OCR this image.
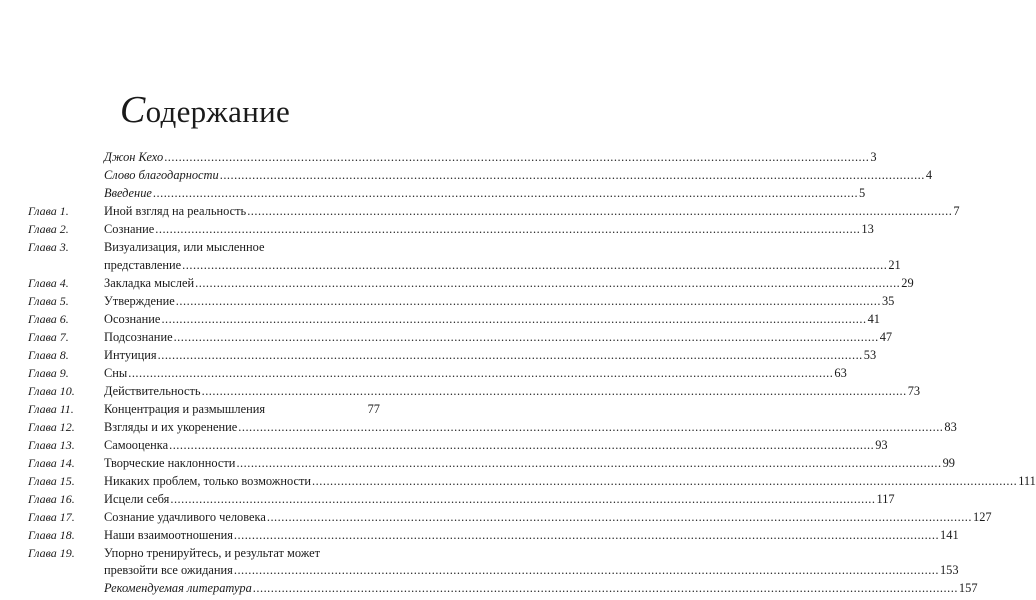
Содержание
Джон Кехо .....	3
Слово благодарности .....	4
Введение .....	5
Глава 1.	Иной взгляд на реальность .....	7
Глава 2.	Сознание .....	13
Глава 3.	Визуализация, или мысленное
представление .....	21
Глава 4.	Закладка мыслей .....	29
Глава 5.	Утверждение .....	35
Глава 6.	Осознание .....	41
Глава 7.	Подсознание .....	47
Глава 8.	Интуиция .....	53
Глава 9.	Сны .....	63
Глава 10.	Действительность .....	73
Глава 11.	Концентрация и размышления	77
Глава 12.	Взгляды и их укоренение .....	83
Глава 13.	Самооценка .....	93
Глава 14.	Творческие наклонности .....	99
Глава 15.	Никаких проблем, только возможности .....	111
Глава 16.	Исцели себя .....	117
Глава 17.	Сознание удачливого человека .....	127
Глава 18.	Наши взаимоотношения .....	141
Глава 19.	Упорно тренируйтесь, и результат может
превзойти все ожидания .....	153
Рекомендуемая литература .....	157
